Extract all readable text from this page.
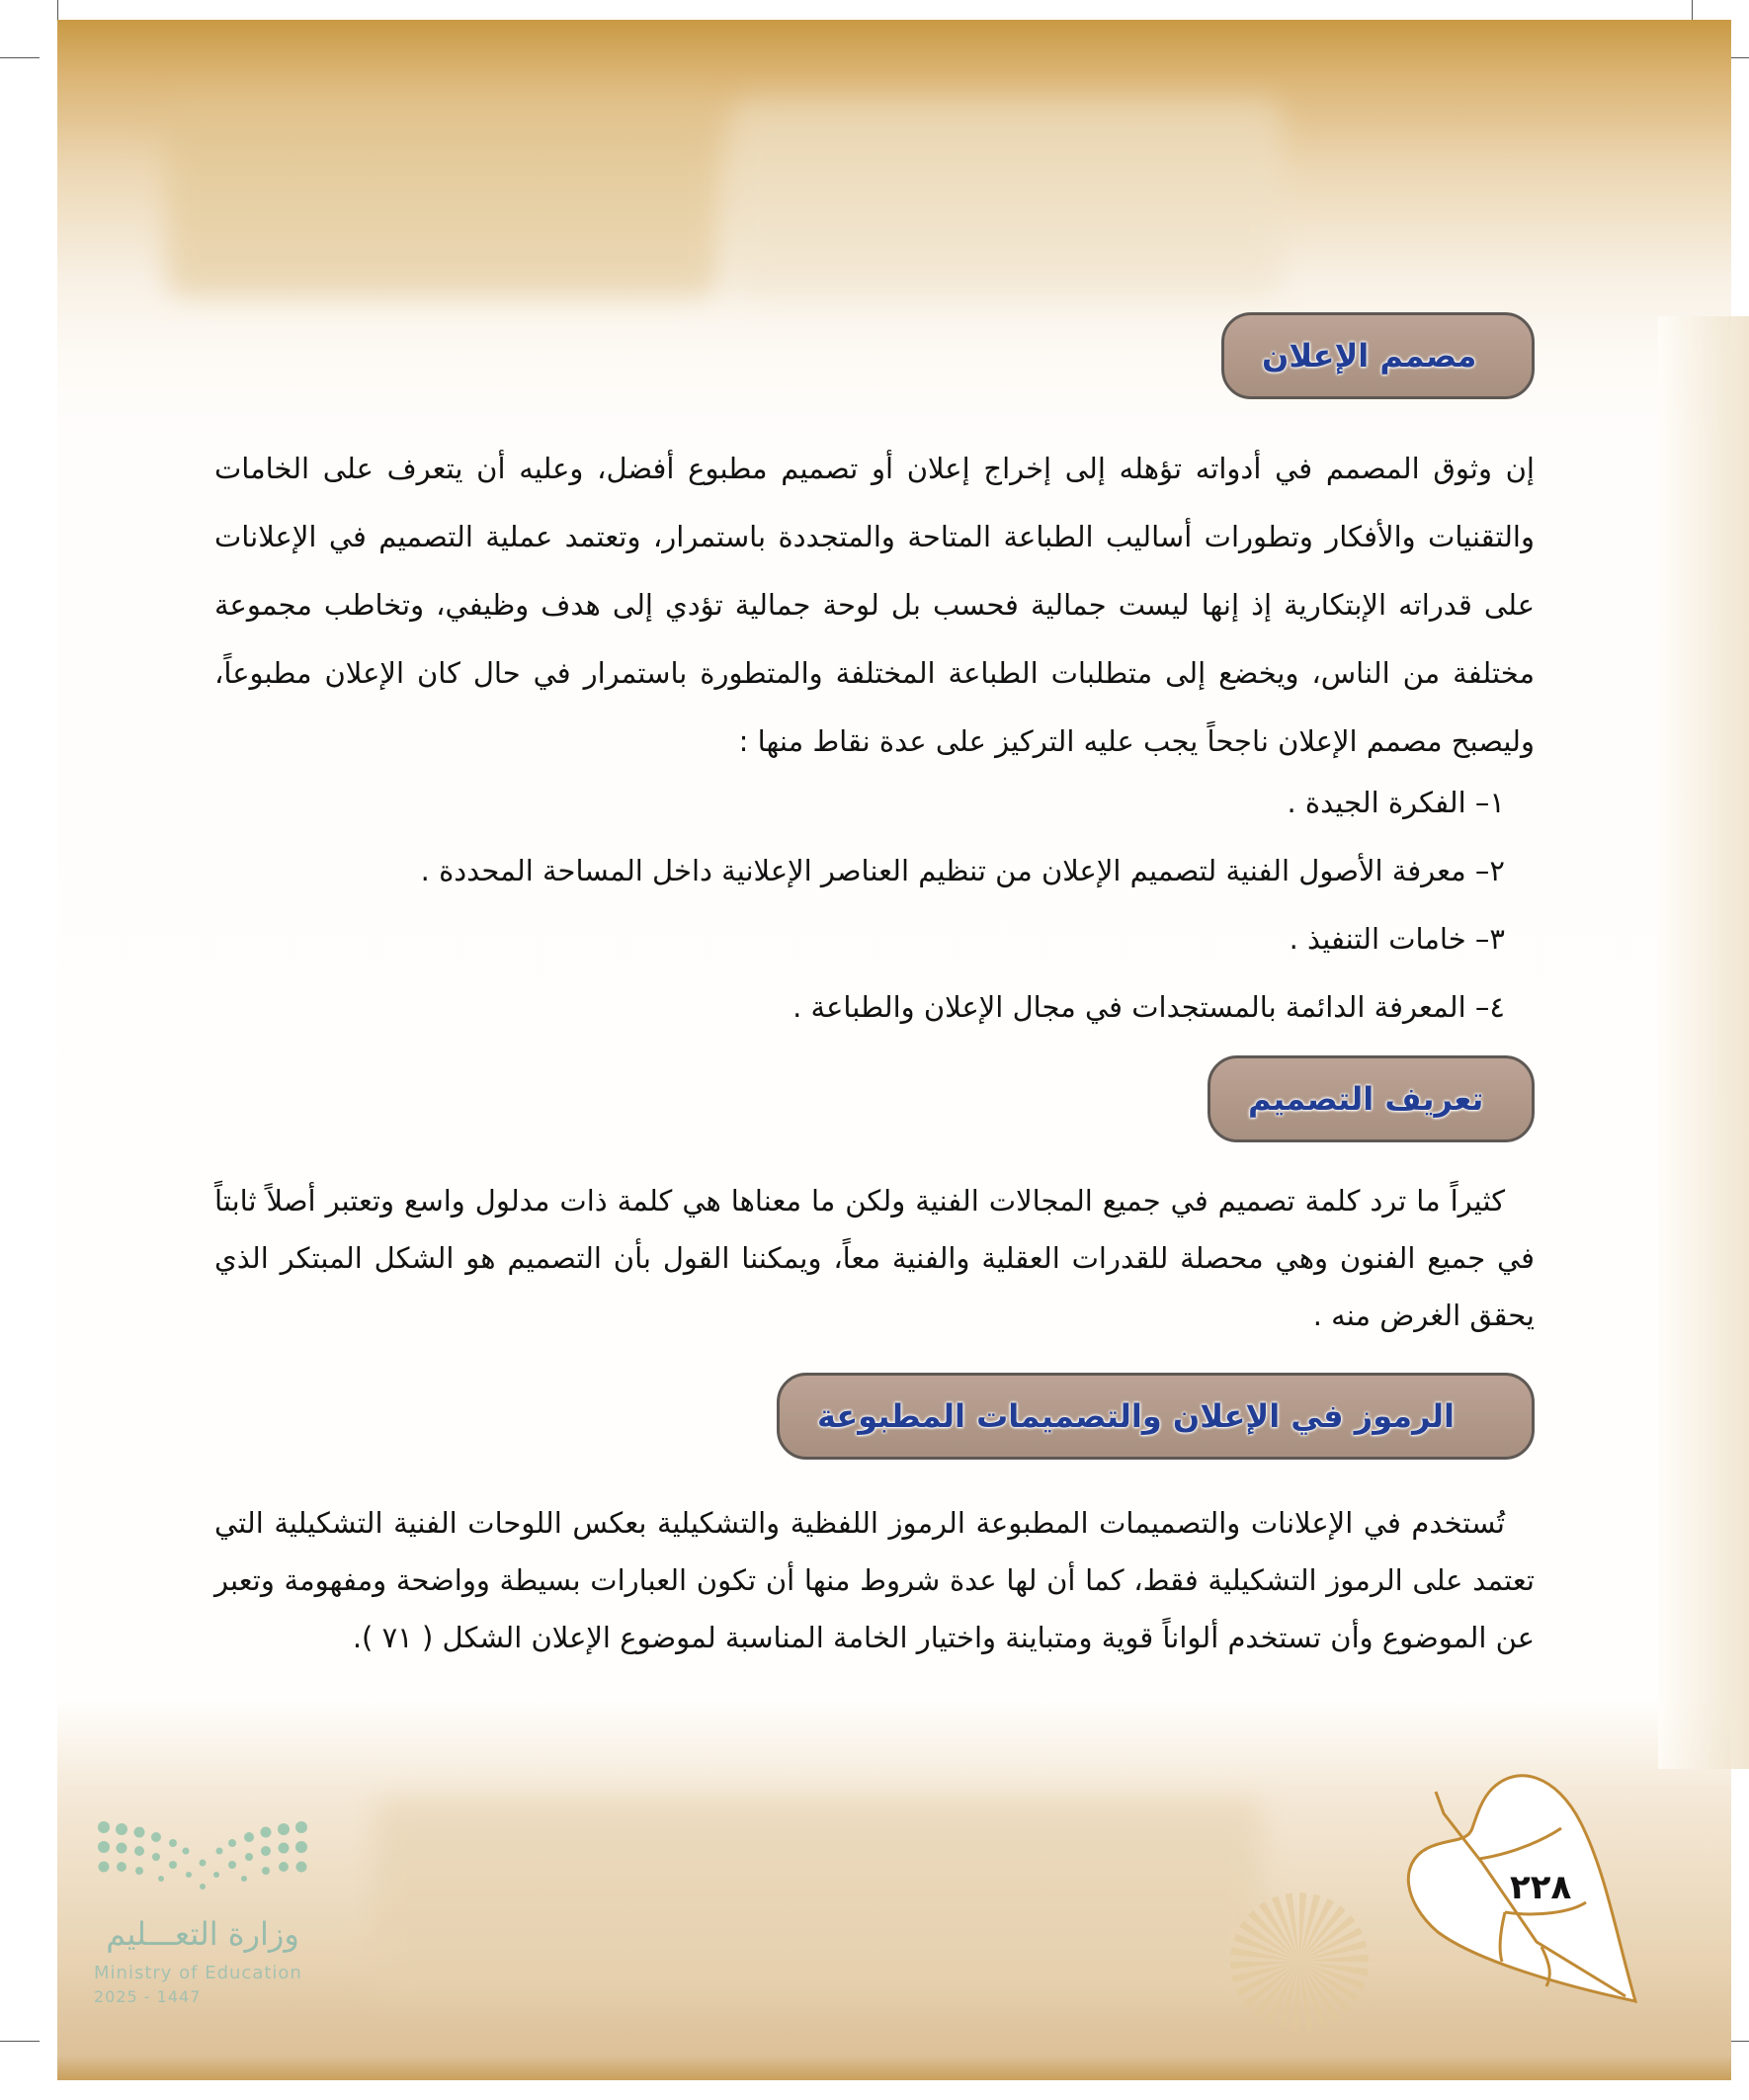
مصمم الإعلان

إن وثوق المصمم في أدواته تؤهله إلى إخراج إعلان أو تصميم مطبوع أفضل، وعليه أن يتعرف على الخامات والتقنيات والأفكار وتطورات أساليب الطباعة المتاحة والمتجددة باستمرار، وتعتمد عملية التصميم في الإعلانات على قدراته الإبتكارية إذ إنها ليست جمالية فحسب بل لوحة جمالية تؤدي إلى هدف وظيفي، وتخاطب مجموعة مختلفة من الناس، ويخضع إلى متطلبات الطباعة المختلفة والمتطورة باستمرار في حال كان الإعلان مطبوعاً، وليصبح مصمم الإعلان ناجحاً يجب عليه التركيز على عدة نقاط منها :

١– الفكرة الجيدة .
٢– معرفة الأصول الفنية لتصميم الإعلان من تنظيم العناصر الإعلانية داخل المساحة المحددة .
٣– خامات التنفيذ .
٤– المعرفة الدائمة بالمستجدات في مجال الإعلان والطباعة .
تعريف التصميم

كثيراً ما ترد كلمة تصميم في جميع المجالات الفنية ولكن ما معناها هي كلمة ذات مدلول واسع وتعتبر أصلاً ثابتاً في جميع الفنون وهي محصلة للقدرات العقلية والفنية معاً، ويمكننا القول بأن التصميم هو الشكل المبتكر الذي يحقق الغرض منه .

الرموز في الإعلان والتصميمات المطبوعة

تُستخدم في الإعلانات والتصميمات المطبوعة الرموز اللفظية والتشكيلية بعكس اللوحات الفنية التشكيلية التي تعتمد على الرموز التشكيلية فقط، كما أن لها عدة شروط منها أن تكون العبارات بسيطة وواضحة ومفهومة وتعبر عن الموضوع وأن تستخدم ألواناً قوية ومتباينة واختيار الخامة المناسبة لموضوع الإعلان الشكل ( ٧١ ).

وزارة التعـــليم
Ministry of Education
2025 - 1447
٢٢٨
